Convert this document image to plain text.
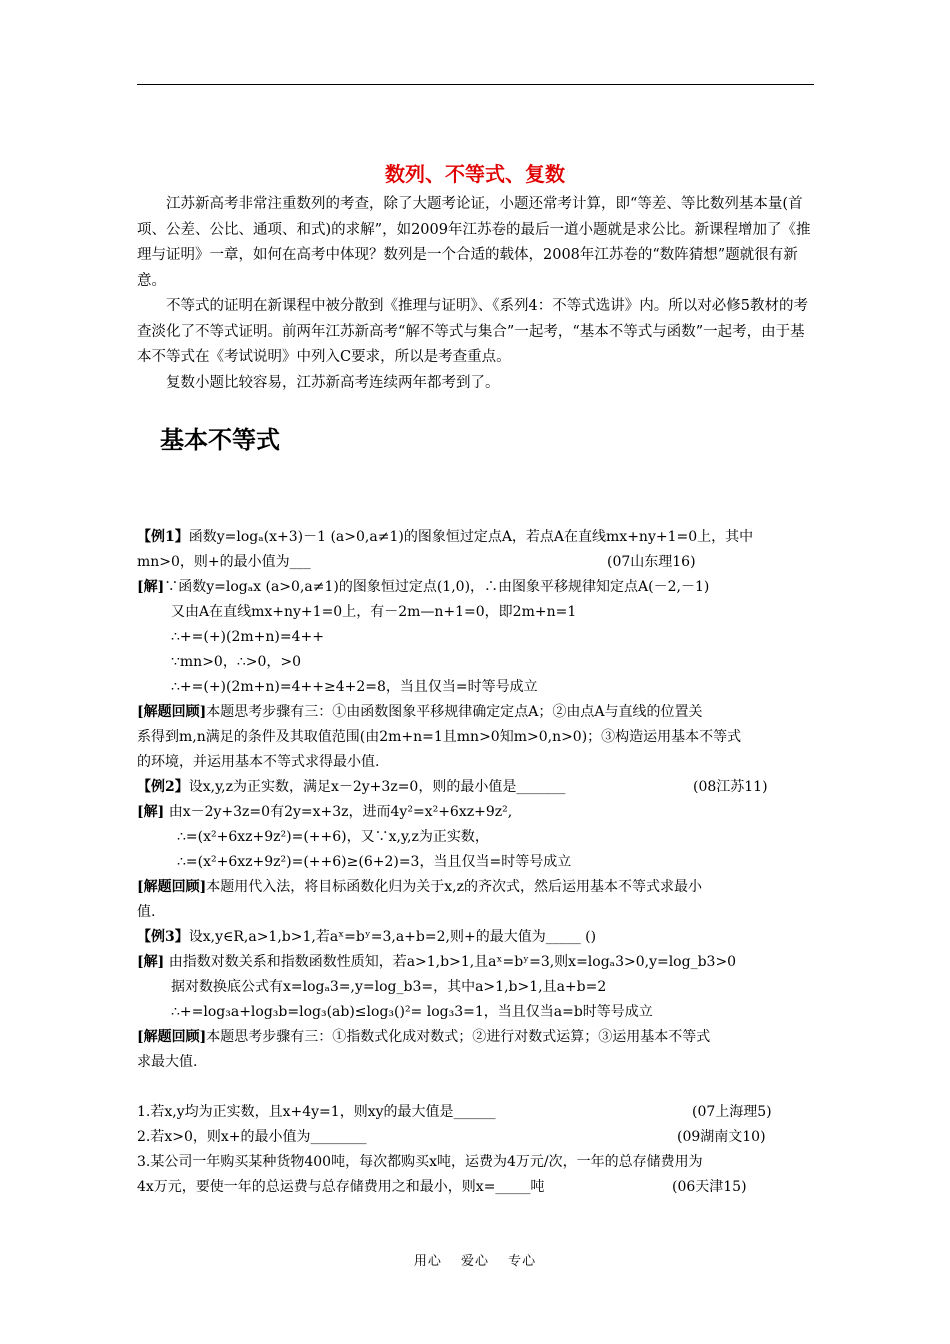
数列、不等式、复数

江苏新高考非常注重数列的考查，除了大题考论证，小题还常考计算，即“等差、等比数列基本量(首项、公差、公比、通项、和式)的求解”，如2009年江苏卷的最后一道小题就是求公比。新课程增加了《推理与证明》一章，如何在高考中体现？数列是一个合适的载体，2008年江苏卷的“数阵猜想”题就很有新意。

不等式的证明在新课程中被分散到《推理与证明》、《系列4：不等式选讲》内。所以对必修5教材的考查淡化了不等式证明。前两年江苏新高考“解不等式与集合”一起考，“基本不等式与函数”一起考，由于基本不等式在《考试说明》中列入C要求，所以是考查重点。

复数小题比较容易，江苏新高考连续两年都考到了。

基本不等式
【例1】函数y=logₐ(x+3)－1 (a>0,a≠1)的图象恒过定点A，若点A在直线mx+ny+1=0上，其中
mn>0，则+的最小值为___	(07山东理16)
[解]∵函数y=logₐx (a>0,a≠1)的图象恒过定点(1,0)，∴由图象平移规律知定点A(－2,－1)
又由A在直线mx+ny+1=0上，有－2m—n+1=0，即2m+n=1
∴+=(+)(2m+n)=4++
∵mn>0，∴>0，>0
∴+=(+)(2m+n)=4++≥4+2=8，当且仅当=时等号成立
[解题回顾]本题思考步骤有三：①由函数图象平移规律确定定点A；②由点A与直线的位置关
系得到m,n满足的条件及其取值范围(由2m+n=1且mn>0知m>0,n>0)；③构造运用基本不等式
的环境，并运用基本不等式求得最小值.
【例2】设x,y,z为正实数，满足x－2y+3z=0，则的最小值是_______	(08江苏11)
[解] 由x－2y+3z=0有2y=x+3z，进而4y²=x²+6xz+9z²,
∴=(x²+6xz+9z²)=(++6)，又∵x,y,z为正实数，
∴=(x²+6xz+9z²)=(++6)≥(6+2)=3，当且仅当=时等号成立
[解题回顾]本题用代入法，将目标函数化归为关于x,z的齐次式，然后运用基本不等式求最小
值.
【例3】设x,y∈R,a>1,b>1,若aˣ=bʸ=3,a+b=2,则+的最大值为_____ ()
[解] 由指数对数关系和指数函数性质知，若a>1,b>1,且aˣ=bʸ=3,则x=logₐ3>0,y=log_b3>0
据对数换底公式有x=logₐ3=,y=log_b3=，其中a>1,b>1,且a+b=2
∴+=log₃a+log₃b=log₃(ab)≤log₃()²= log₃3=1，当且仅当a=b时等号成立
[解题回顾]本题思考步骤有三：①指数式化成对数式；②进行对数式运算；③运用基本不等式
求最大值.
1.若x,y均为正实数，且x+4y=1，则xy的最大值是______	(07上海理5)
2.若x>0，则x+的最小值为________	(09湖南文10)
3.某公司一年购买某种货物400吨，每次都购买x吨，运费为4万元/次，一年的总存储费用为
4x万元，要使一年的总运费与总存储费用之和最小，则x=_____吨	(06天津15)
用心 爱心 专心
